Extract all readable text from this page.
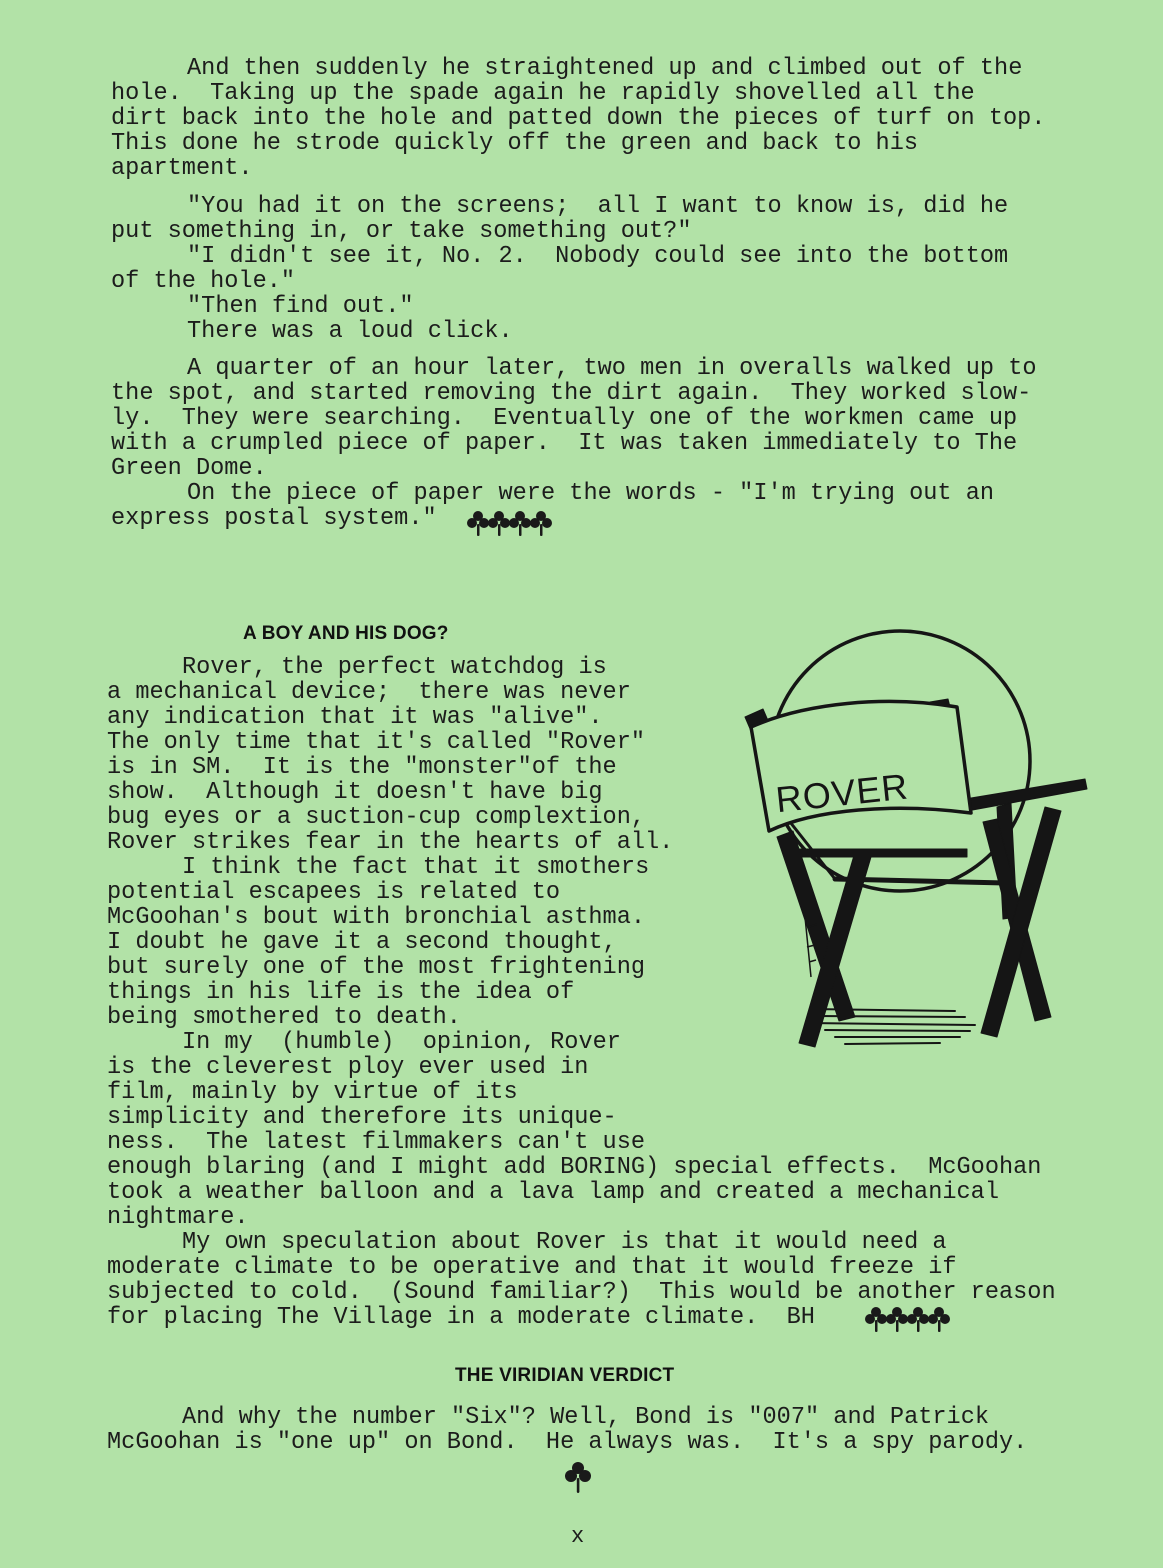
And then suddenly he straightened up and climbed out of the
hole.  Taking up the spade again he rapidly shovelled all the
dirt back into the hole and patted down the pieces of turf on top.
This done he strode quickly off the green and back to his
apartment.
"You had it on the screens;  all I want to know is, did he
put something in, or take something out?"
"I didn't see it, No. 2.  Nobody could see into the bottom
of the hole."
"Then find out."
There was a loud click.
A quarter of an hour later, two men in overalls walked up to
the spot, and started removing the dirt again.  They worked slow-
ly.  They were searching.  Eventually one of the workmen came up
with a crumpled piece of paper.  It was taken immediately to The
Green Dome.
On the piece of paper were the words - "I'm trying out an
express postal system."
A BOY AND HIS DOG?
Rover, the perfect watchdog is
a mechanical device;  there was never
any indication that it was "alive".
The only time that it's called "Rover"
is in SM.  It is the "monster"of the
show.  Although it doesn't have big
bug eyes or a suction-cup complextion,
Rover strikes fear in the hearts of all.
I think the fact that it smothers
potential escapees is related to
McGoohan's bout with bronchial asthma.
I doubt he gave it a second thought,
but surely one of the most frightening
things in his life is the idea of
being smothered to death.
In my  (humble)  opinion, Rover
is the cleverest ploy ever used in
film, mainly by virtue of its
simplicity and therefore its unique-
ness.  The latest filmmakers can't use
enough blaring (and I might add BORING) special effects.  McGoohan
took a weather balloon and a lava lamp and created a mechanical
nightmare.
My own speculation about Rover is that it would need a
moderate climate to be operative and that it would freeze if
subjected to cold.  (Sound familiar?)  This would be another reason
for placing The Village in a moderate climate.  BH
ROVER
THE VIRIDIAN VERDICT
And why the number "Six"? Well, Bond is "007" and Patrick
McGoohan is "one up" on Bond.  He always was.  It's a spy parody.
x
